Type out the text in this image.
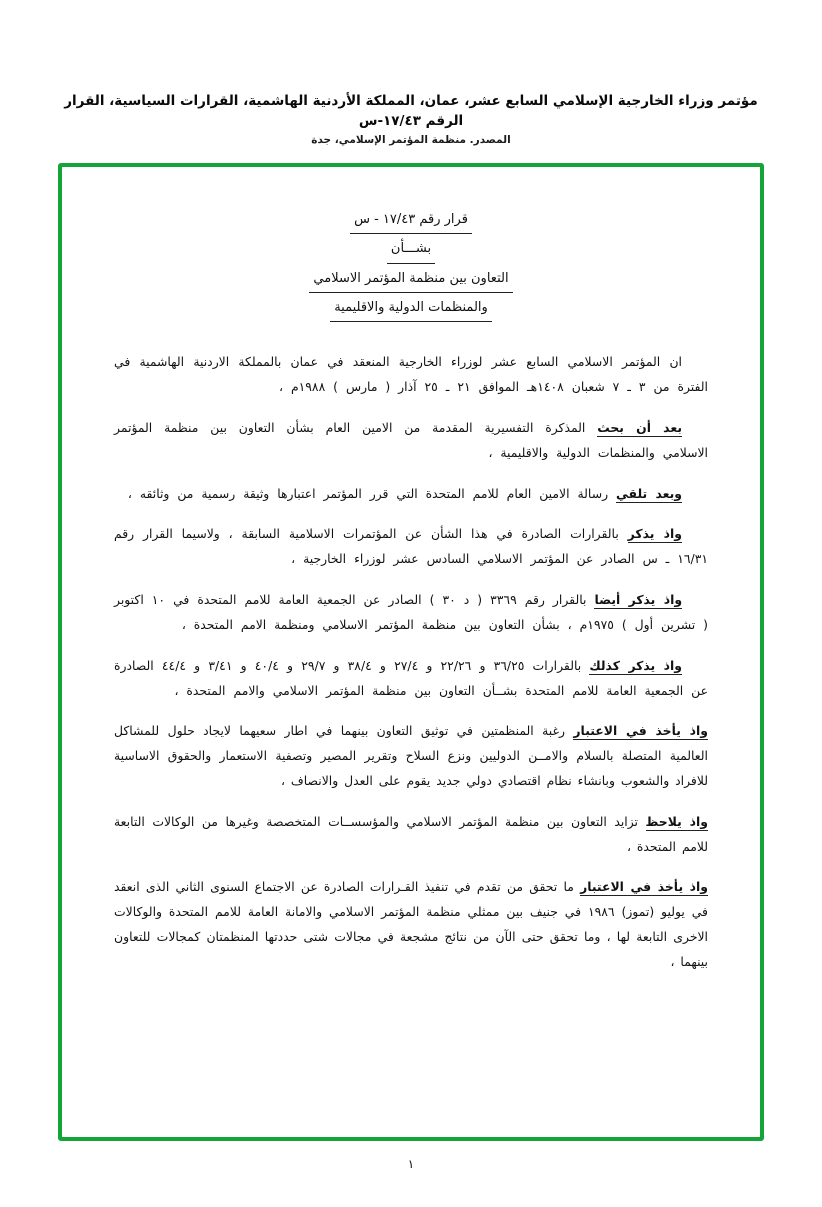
مؤتمر وزراء الخارجية الإسلامي السابع عشر، عمان، المملكة الأردنية الهاشمية، القرارات السياسية، القرار الرقم ١٧/٤٣-س
المصدر. منظمة المؤتمر الإسلامي، جدة
قرار رقم ١٧/٤٣ - س
بشـــأن
التعاون بين منظمة المؤتمر الاسلامي
والمنظمات الدولية والاقليمية

ان المؤتمر الاسلامي السابع عشر لوزراء الخارجية المنعقد في عمان بالمملكة الاردنية الهاشمية في الفترة من ٣ ـ ٧ شعبان ١٤٠٨هـ الموافق ٢١ ـ ٢٥ آذار ( مارس ) ١٩٨٨م ،

بعد أن بحث المذكرة التفسيرية المقدمة من الامين العام بشأن التعاون بين منظمة المؤتمر الاسلامي والمنظمات الدولية والاقليمية ،

وبعد تلقي رسالة الامين العام للامم المتحدة التي قرر المؤتمر اعتبارها وثيقة رسمية من وثائقه ،

واذ يذكر بالقرارات الصادرة في هذا الشأن عن المؤتمرات الاسلامية السابقة ، ولاسيما القرار رقم ١٦/٣١ ـ س الصادر عن المؤتمر الاسلامي السادس عشر لوزراء الخارجية ،

واذ يذكر أيضا بالقرار رقم ٣٣٦٩ ( د ٣٠ ) الصادر عن الجمعية العامة للامم المتحدة في ١٠ اكتوبر ( تشرين أول ) ١٩٧٥م ، بشأن التعاون بين منظمة المؤتمر الاسلامي ومنظمة الامم المتحدة ،

واذ يذكر كذلك بالقرارات ٣٦/٢٥ و ٢٢/٢٦ و ٢٧/٤ و ٣٨/٤ و ٢٩/٧ و ٤٠/٤ و ٣/٤١ و ٤٤/٤ الصادرة عن الجمعية العامة للامم المتحدة بشــأن التعاون بين منظمة المؤتمر الاسلامي والامم المتحدة ،

واذ يأخذ في الاعتبار رغبة المنظمتين في توثيق التعاون بينهما في اطار سعيهما لايجاد حلول للمشاكل العالمية المتصلة بالسلام والامــن الدوليين ونزع السلاح وتقرير المصير وتصفية الاستعمار والحقوق الاساسية للافراد والشعوب وبانشاء نظام اقتصادي دولي جديد يقوم على العدل والانصاف ،

واذ يلاحظ تزايد التعاون بين منظمة المؤتمر الاسلامي والمؤسســات المتخصصة وغيرها من الوكالات التابعة للامم المتحدة ،

واذ يأخذ في الاعتبار ما تحقق من تقدم في تنفيذ القـرارات الصادرة عن الاجتماع السنوى الثاني الذى انعقد في يوليو (تموز) ١٩٨٦ في جنيف بين ممثلي منظمة المؤتمر الاسلامي والامانة العامة للامم المتحدة والوكالات الاخرى التابعة لها ، وما تحقق حتى الآن من نتائج مشجعة في مجالات شتى حددتها المنظمتان كمجالات للتعاون بينهما ،

١
